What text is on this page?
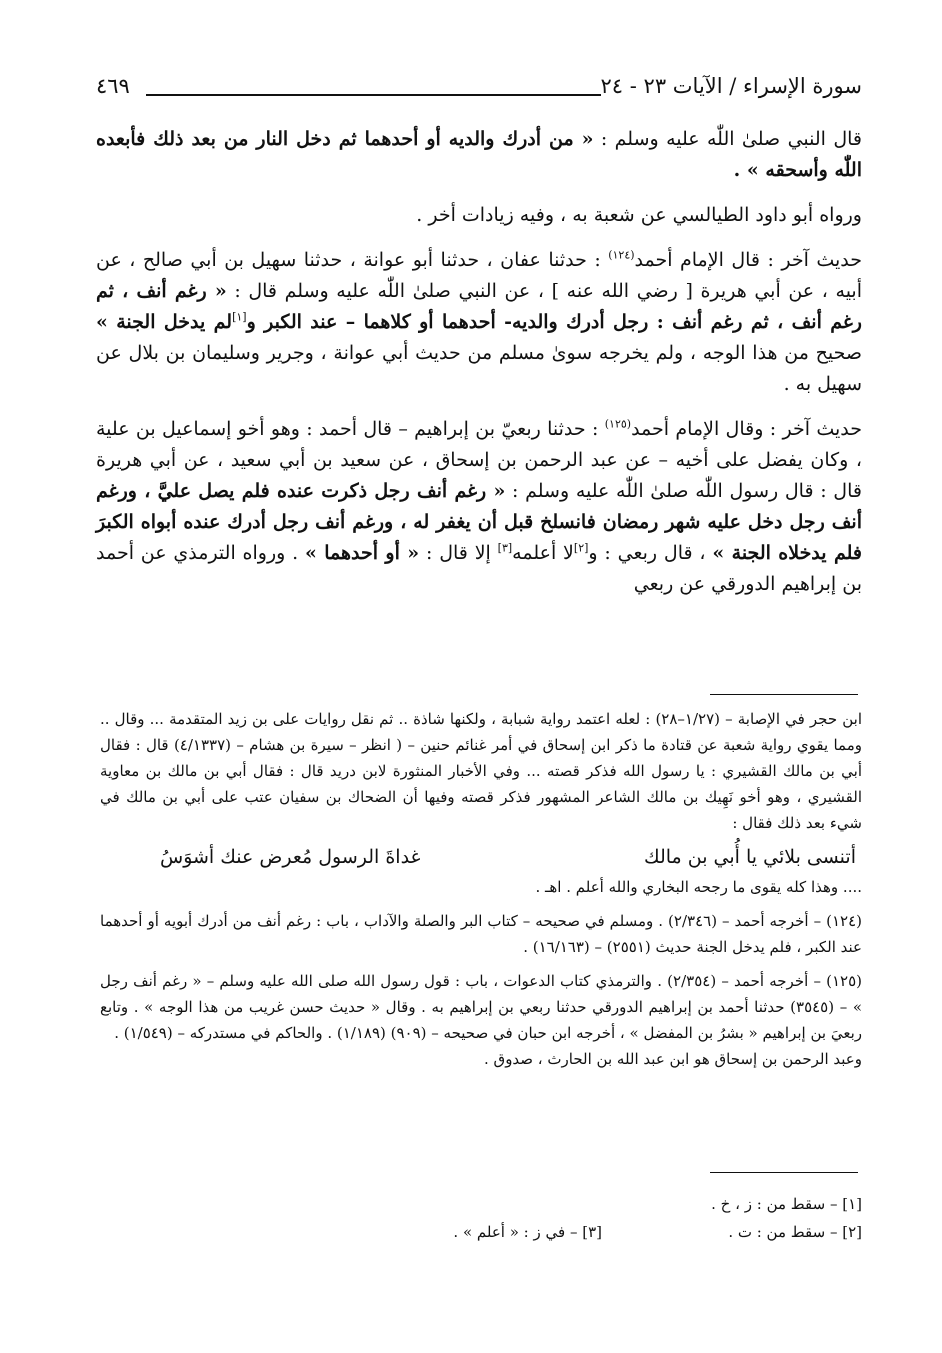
سورة الإسراء / الآيات ٢٣ - ٢٤
٤٦٩

قال النبي صلىٰ اللّٰه عليه وسلم : « من أدرك والديه أو أحدهما ثم دخل النار من بعد ذلك فأبعده اللّٰه وأسحقه » .

ورواه أبو داود الطيالسي عن شعبة به ، وفيه زيادات أخر .

حديث آخر : قال الإمام أحمد$^{(١٢٤)}$ : حدثنا عفان ، حدثنا أبو عوانة ، حدثنا سهيل بن أبي صالح ، عن أبيه ، عن أبي هريرة [ رضي الله عنه ] ، عن النبي صلىٰ اللّٰه عليه وسلم قال : « رغم أنف ، ثم رغم أنف ، ثم رغم أنف : رجل أدرك والديه- أحدهما أو كلاهما – عند الكبر و[١]لم يدخل الجنة » صحيح من هذا الوجه ، ولم يخرجه سوىٰ مسلم من حديث أبي عوانة ، وجرير وسليمان بن بلال عن سهيل به .

حديث آخر : وقال الإمام أحمد$^{(١٢٥)}$ : حدثنا ربعيّ بن إبراهيم – قال أحمد : وهو أخو إسماعيل بن علية ، وكان يفضل على أخيه – عن عبد الرحمن بن إسحاق ، عن سعيد بن أبي سعيد ، عن أبي هريرة قال : قال رسول اللّٰه صلىٰ اللّٰه عليه وسلم : « رغم أنف رجل ذكرت عنده فلم يصل عليَّ ، ورغم أنف رجل دخل عليه شهر رمضان فانسلخ قبل أن يغفر له ، ورغم أنف رجل أدرك عنده أبواه الكبرَ فلم يدخلاه الجنة » ، قال ربعي : و[٢]لا أعلمه[٣] إلا قال : « أو أحدهما » . ورواه الترمذي عن أحمد بن إبراهيم الدورقي عن ربعي

ابن حجر في الإصابة – (١/٢٧–٢٨) : لعله اعتمد رواية شبابة ، ولكنها شاذة .. ثم نقل روايات على بن زيد المتقدمة ... وقال .. ومما يقوي رواية شعبة عن قتادة ما ذكر ابن إسحاق في أمر غنائم حنين – ( انظر – سيرة بن هشام – (٤/١٣٣٧) قال : فقال أبي بن مالك القشيري : يا رسول الله فذكر قصته ... وفي الأخبار المنثورة لابن دريد قال : فقال أبي بن مالك بن معاوية القشيري ، وهو أخو نَهِيك بن مالك الشاعر المشهور فذكر قصته وفيها أن الضحاك بن سفيان عتب على أبي بن مالك في شيء بعد ذلك فقال :

أتنسى بلائي يا أُبي بن مالك
غداةَ الرسول مُعرض عنك أشوَسُ

.... وهذا كله يقوى ما رجحه البخاري والله أعلم . اهـ .

(١٢٤) – أخرجه أحمد – (٢/٣٤٦) . ومسلم في صحيحه – كتاب البر والصلة والآداب ، باب : رغم أنف من أدرك أبويه أو أحدهما عند الكبر ، فلم يدخل الجنة حديث (٢٥٥١) – (١٦/١٦٣) .

(١٢٥) – أخرجه أحمد – (٢/٣٥٤) . والترمذي كتاب الدعوات ، باب : قول رسول الله صلى الله عليه وسلم – « رغم أنف رجل » – (٣٥٤٥) حدثنا أحمد بن إبراهيم الدورقي حدثنا ربعي بن إبراهيم به . وقال « حديث حسن غريب من هذا الوجه » . وتابع ربعيَ بن إبراهيم « بشرُ بن المفضل » ، أخرجه ابن حبان في صحيحه – (٩٠٩) (١/١٨٩) . والحاكم في مستدركه – (١/٥٤٩) .
وعبد الرحمن بن إسحاق هو ابن عبد الله بن الحارث ، صدوق .

[١] – سقط من : ز ، خ .
[٢] – سقط من : ت .
[٣] – في ز : « أعلم » .
